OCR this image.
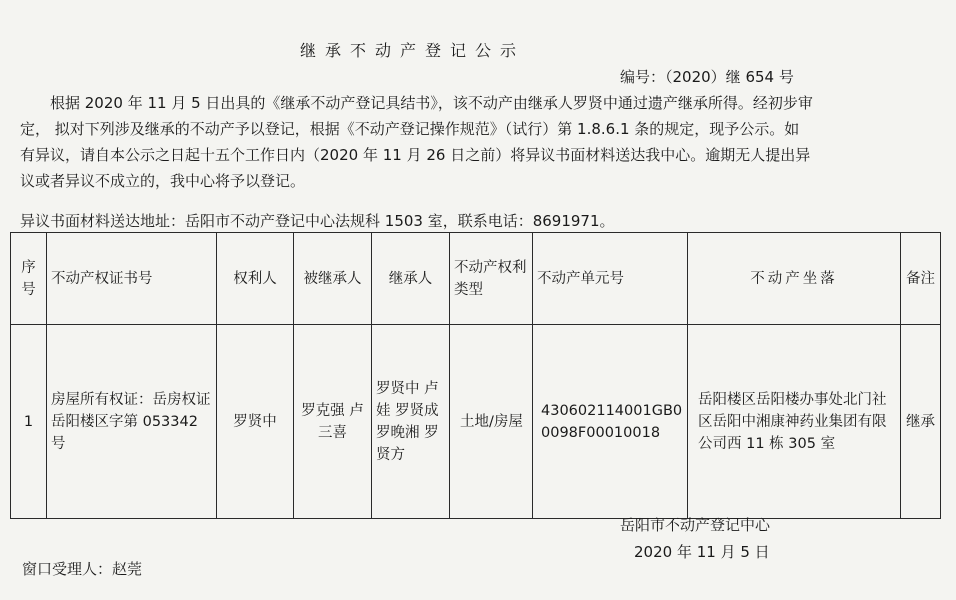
继承不动产登记公示
编号：（2020）继 654 号

根据 2020 年 11 月 5 日出具的《继承不动产登记具结书》，该不动产由继承人罗贤中通过遗产继承所得。经初步审
定， 拟对下列涉及继承的不动产予以登记，根据《不动产登记操作规范》（试行）第 1.8.6.1 条的规定，现予公示。如
有异议，请自本公示之日起十五个工作日内（2020 年 11 月 26 日之前）将异议书面材料送达我中心。逾期无人提出异
议或者异议不成立的，我中心将予以登记。

异议书面材料送达地址：岳阳市不动产登记中心法规科 1503 室，联系电话：8691971。
序号	不动产权证书号	权利人	被继承人	继承人	不动产权利类型	不动产单元号	不动产坐落	备注
1	房屋所有权证：岳房权证岳阳楼区字第 053342 号	罗贤中	罗克强 卢三喜	罗贤中 卢娃 罗贤成 罗晚湘 罗贤方	土地/房屋	430602114001GB00098F00010018	岳阳楼区岳阳楼办事处北门社区岳阳中湘康神药业集团有限公司西 11 栋 305 室	继承
岳阳市不动产登记中心
2020 年 11 月 5 日
窗口受理人：赵莞
